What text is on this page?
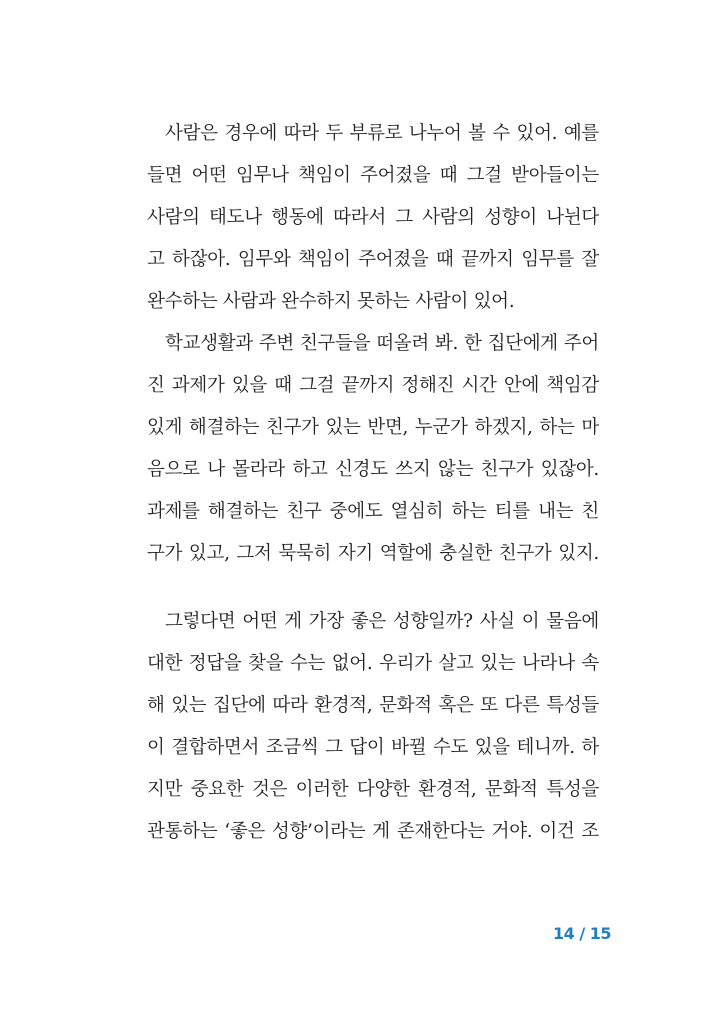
사람은 경우에 따라 두 부류로 나누어 볼 수 있어. 예를
들면 어떤 임무나 책임이 주어졌을 때 그걸 받아들이는
사람의 태도나 행동에 따라서 그 사람의 성향이 나뉜다
고 하잖아. 임무와 책임이 주어졌을 때 끝까지 임무를 잘
완수하는 사람과 완수하지 못하는 사람이 있어.
학교생활과 주변 친구들을 떠올려 봐. 한 집단에게 주어
진 과제가 있을 때 그걸 끝까지 정해진 시간 안에 책임감
있게 해결하는 친구가 있는 반면, 누군가 하겠지, 하는 마
음으로 나 몰라라 하고 신경도 쓰지 않는 친구가 있잖아.
과제를 해결하는 친구 중에도 열심히 하는 티를 내는 친
구가 있고, 그저 묵묵히 자기 역할에 충실한 친구가 있지.
그렇다면 어떤 게 가장 좋은 성향일까? 사실 이 물음에
대한 정답을 찾을 수는 없어. 우리가 살고 있는 나라나 속
해 있는 집단에 따라 환경적, 문화적 혹은 또 다른 특성들
이 결합하면서 조금씩 그 답이 바뀔 수도 있을 테니까. 하
지만 중요한 것은 이러한 다양한 환경적, 문화적 특성을
관통하는 ‘좋은 성향’이라는 게 존재한다는 거야. 이건 조
14 / 15
